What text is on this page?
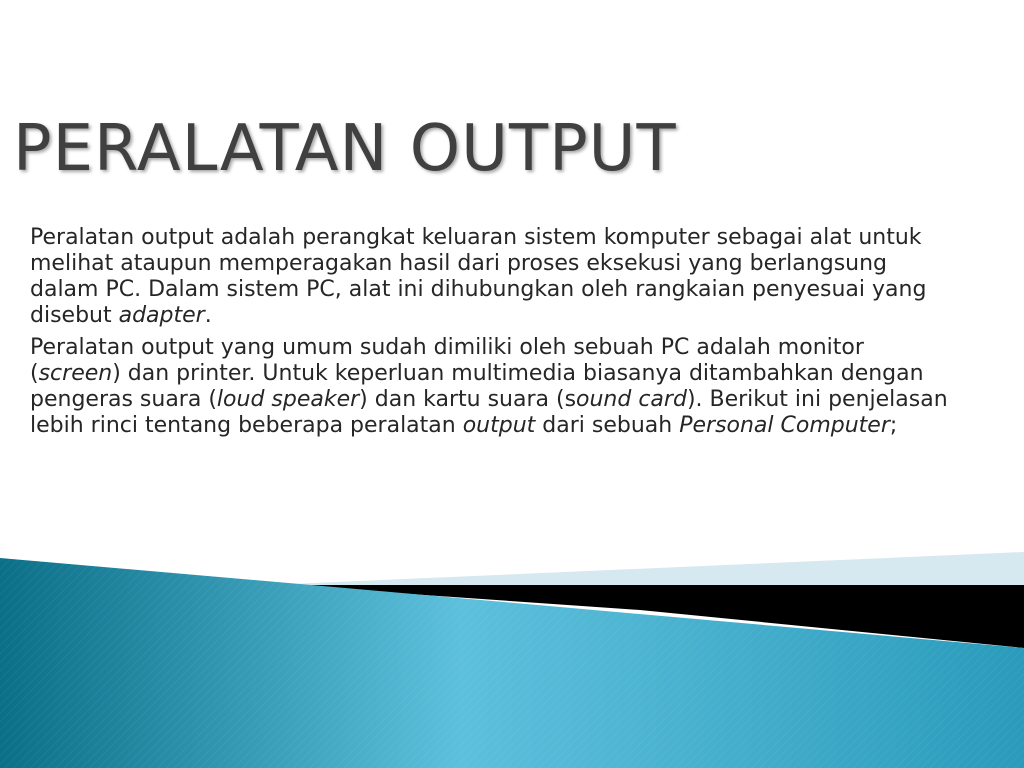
PERALATAN OUTPUT

Peralatan output adalah perangkat keluaran sistem komputer sebagai alat untuk melihat ataupun memperagakan hasil dari proses eksekusi yang berlangsung dalam PC. Dalam sistem PC, alat ini dihubungkan oleh rangkaian penyesuai yang disebut adapter.

Peralatan output yang umum sudah dimiliki oleh sebuah PC adalah monitor (screen) dan printer. Untuk keperluan multimedia biasanya ditambahkan dengan pengeras suara (loud speaker) dan kartu suara (sound card). Berikut ini penjelasan lebih rinci tentang beberapa peralatan output dari sebuah Personal Computer;
